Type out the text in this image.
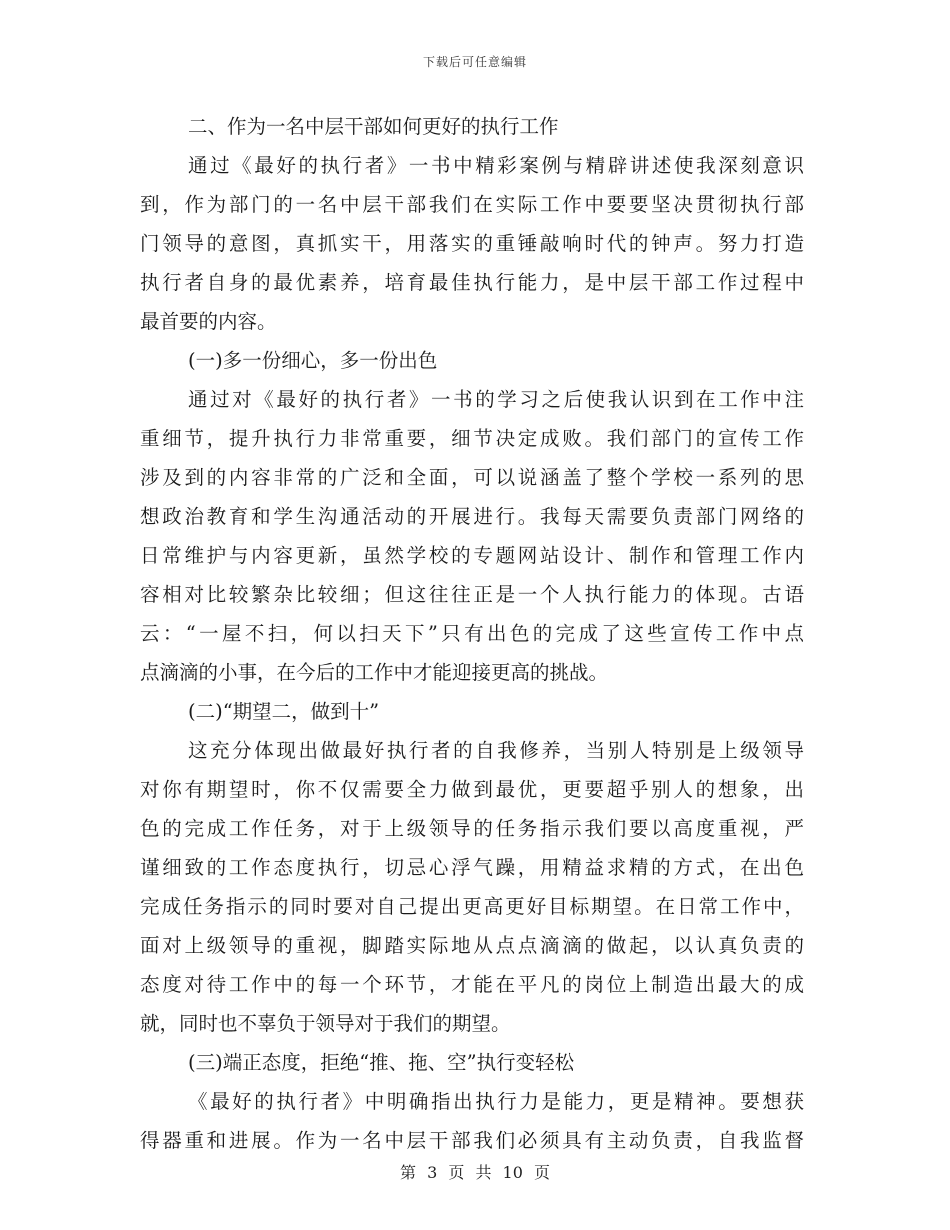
下载后可任意编辑
二、作为一名中层干部如何更好的执行工作
通过《最好的执行者》一书中精彩案例与精辟讲述使我深刻意识
到，作为部门的一名中层干部我们在实际工作中要要坚决贯彻执行部
门领导的意图，真抓实干，用落实的重锤敲响时代的钟声。努力打造
执行者自身的最优素养，培育最佳执行能力，是中层干部工作过程中
最首要的内容。
(一)多一份细心，多一份出色
通过对《最好的执行者》一书的学习之后使我认识到在工作中注
重细节，提升执行力非常重要，细节决定成败。我们部门的宣传工作
涉及到的内容非常的广泛和全面，可以说涵盖了整个学校一系列的思
想政治教育和学生沟通活动的开展进行。我每天需要负责部门网络的
日常维护与内容更新，虽然学校的专题网站设计、制作和管理工作内
容相对比较繁杂比较细；但这往往正是一个人执行能力的体现。古语
云：“一屋不扫，何以扫天下”只有出色的完成了这些宣传工作中点
点滴滴的小事，在今后的工作中才能迎接更高的挑战。
(二)“期望二，做到十”
这充分体现出做最好执行者的自我修养，当别人特别是上级领导
对你有期望时，你不仅需要全力做到最优，更要超乎别人的想象，出
色的完成工作任务，对于上级领导的任务指示我们要以高度重视，严
谨细致的工作态度执行，切忌心浮气躁，用精益求精的方式，在出色
完成任务指示的同时要对自己提出更高更好目标期望。在日常工作中，
面对上级领导的重视，脚踏实际地从点点滴滴的做起，以认真负责的
态度对待工作中的每一个环节，才能在平凡的岗位上制造出最大的成
就，同时也不辜负于领导对于我们的期望。
(三)端正态度，拒绝“推、拖、空”执行变轻松
《最好的执行者》中明确指出执行力是能力，更是精神。要想获
得器重和进展。作为一名中层干部我们必须具有主动负责，自我监督
第 3 页 共 10 页
